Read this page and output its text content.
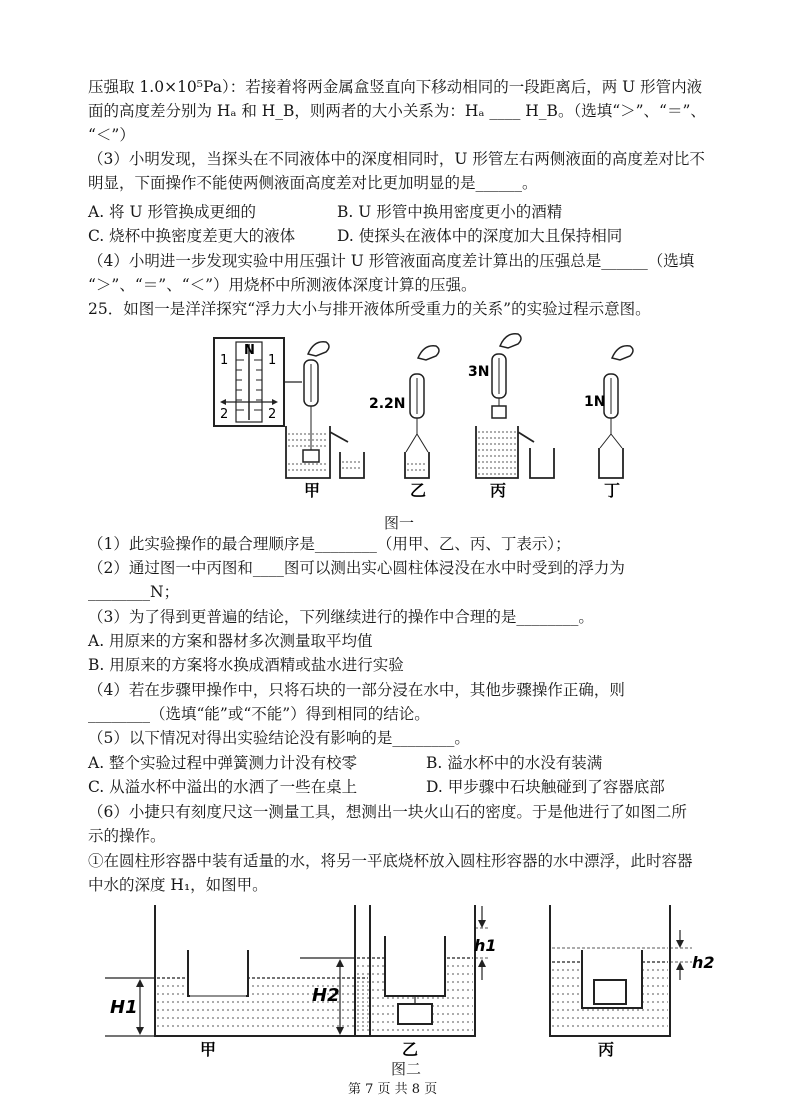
压强取 1.0×10⁵Pa）：若接着将两金属盒竖直向下移动相同的一段距离后，两 U 形管内液
面的高度差分别为 Hₐ 和 H_B，则两者的大小关系为：Hₐ ____ H_B。（选填“＞”、“＝”、
“＜”）
（3）小明发现，当探头在不同液体中的深度相同时，U 形管左右两侧液面的高度差对比不
明显，下面操作不能使两侧液面高度差对比更加明显的是______。
A. 将 U 形管换成更细的	B. U 形管中换用密度更小的酒精
C. 烧杯中换密度差更大的液体	D. 使探头在液体中的深度加大且保持相同
（4）小明进一步发现实验中用压强计 U 形管液面高度差计算出的压强总是______（选填
“＞”、“＝”、“＜”）用烧杯中所测液体深度计算的压强。
25．如图一是洋洋探究“浮力大小与排开液体所受重力的关系”的实验过程示意图。
N
1	1
2	2
甲
2.2N
乙
3N
丙
1N
丁
图一
（1）此实验操作的最合理顺序是________（用甲、乙、丙、丁表示）；
（2）通过图一中丙图和____图可以测出实心圆柱体浸没在水中时受到的浮力为
________N；
（3）为了得到更普遍的结论，下列继续进行的操作中合理的是________。
A. 用原来的方案和器材多次测量取平均值
B. 用原来的方案将水换成酒精或盐水进行实验
（4）若在步骤甲操作中，只将石块的一部分浸在水中，其他步骤操作正确，则
________（选填“能”或“不能”）得到相同的结论。
（5）以下情况对得出实验结论没有影响的是________。
A. 整个实验过程中弹簧测力计没有校零	B. 溢水杯中的水没有装满
C. 从溢水杯中溢出的水洒了一些在桌上	D. 甲步骤中石块触碰到了容器底部
（6）小捷只有刻度尺这一测量工具，想测出一块火山石的密度。于是他进行了如图二所
示的操作。
①在圆柱形容器中装有适量的水，将另一平底烧杯放入圆柱形容器的水中漂浮，此时容器
中水的深度 H₁，如图甲。
H1
甲
H2
h1
乙
h2
丙
图二
第 7 页 共 8 页
